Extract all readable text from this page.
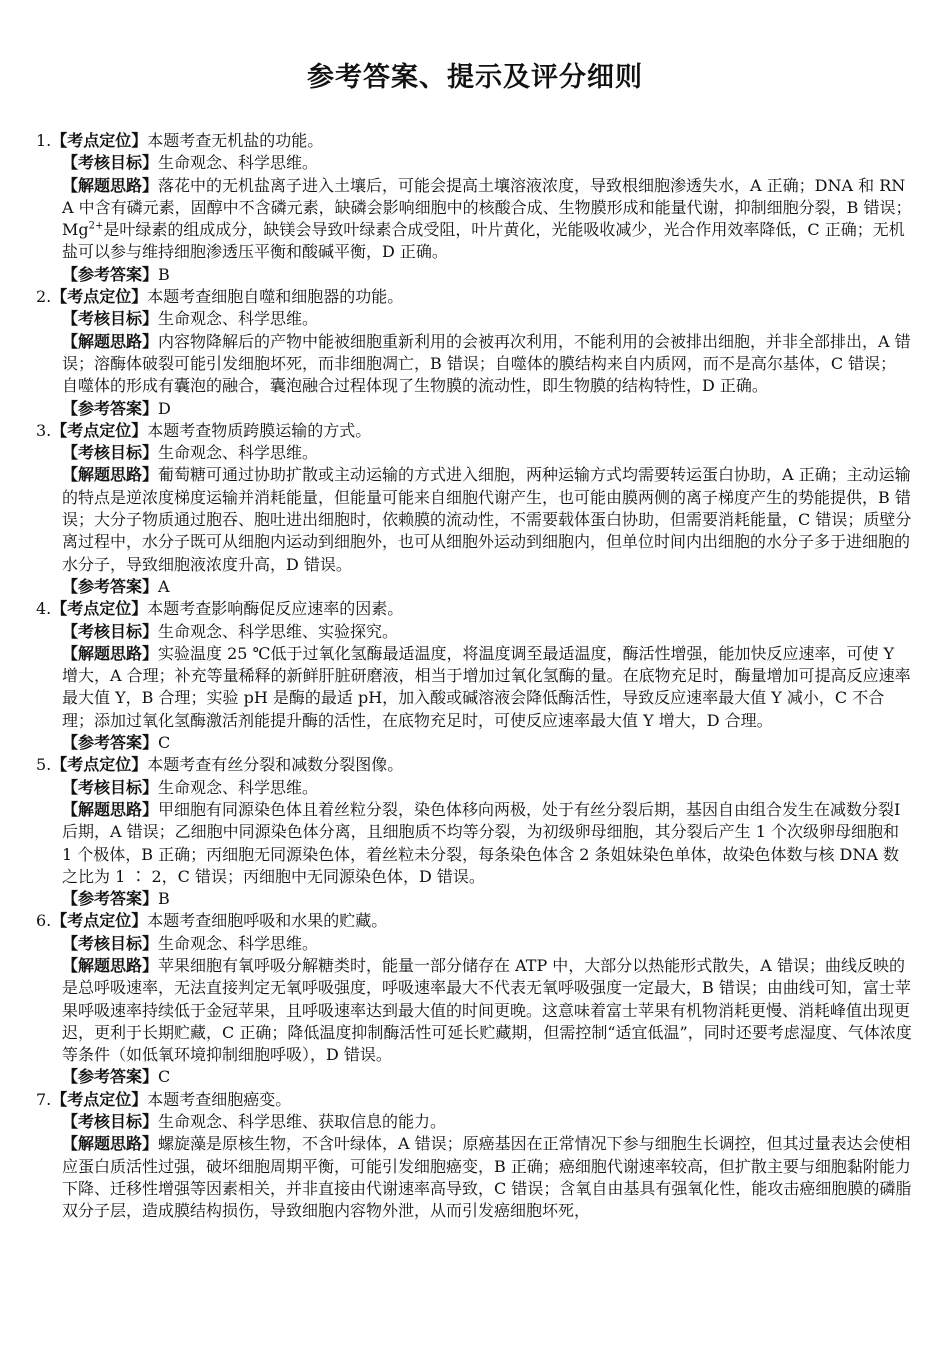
参考答案、提示及评分细则
1.【考点定位】本题考查无机盐的功能。
【考核目标】生命观念、科学思维。
【解题思路】落花中的无机盐离子进入土壤后，可能会提高土壤溶液浓度，导致根细胞渗透失水，A 正确；DNA 和 RNA 中含有磷元素，固醇中不含磷元素，缺磷会影响细胞中的核酸合成、生物膜形成和能量代谢，抑制细胞分裂，B 错误；$Mg^{2+}$是叶绿素的组成成分，缺镁会导致叶绿素合成受阻，叶片黄化，光能吸收减少，光合作用效率降低，C 正确；无机盐可以参与维持细胞渗透压平衡和酸碱平衡，D 正确。
【参考答案】B
2.【考点定位】本题考查细胞自噬和细胞器的功能。
【考核目标】生命观念、科学思维。
【解题思路】内容物降解后的产物中能被细胞重新利用的会被再次利用，不能利用的会被排出细胞，并非全部排出，A 错误；溶酶体破裂可能引发细胞坏死，而非细胞凋亡，B 错误；自噬体的膜结构来自内质网，而不是高尔基体，C 错误；自噬体的形成有囊泡的融合，囊泡融合过程体现了生物膜的流动性，即生物膜的结构特性，D 正确。
【参考答案】D
3.【考点定位】本题考查物质跨膜运输的方式。
【考核目标】生命观念、科学思维。
【解题思路】葡萄糖可通过协助扩散或主动运输的方式进入细胞，两种运输方式均需要转运蛋白协助，A 正确；主动运输的特点是逆浓度梯度运输并消耗能量，但能量可能来自细胞代谢产生，也可能由膜两侧的离子梯度产生的势能提供，B 错误；大分子物质通过胞吞、胞吐进出细胞时，依赖膜的流动性，不需要载体蛋白协助，但需要消耗能量，C 错误；质壁分离过程中，水分子既可从细胞内运动到细胞外，也可从细胞外运动到细胞内，但单位时间内出细胞的水分子多于进细胞的水分子，导致细胞液浓度升高，D 错误。
【参考答案】A
4.【考点定位】本题考查影响酶促反应速率的因素。
【考核目标】生命观念、科学思维、实验探究。
【解题思路】实验温度 25 ℃低于过氧化氢酶最适温度，将温度调至最适温度，酶活性增强，能加快反应速率，可使 Y 增大，A 合理；补充等量稀释的新鲜肝脏研磨液，相当于增加过氧化氢酶的量。在底物充足时，酶量增加可提高反应速率最大值 Y，B 合理；实验 pH 是酶的最适 pH，加入酸或碱溶液会降低酶活性，导致反应速率最大值 Y 减小，C 不合理；添加过氧化氢酶激活剂能提升酶的活性，在底物充足时，可使反应速率最大值 Y 增大，D 合理。
【参考答案】C
5.【考点定位】本题考查有丝分裂和减数分裂图像。
【考核目标】生命观念、科学思维。
【解题思路】甲细胞有同源染色体且着丝粒分裂，染色体移向两极，处于有丝分裂后期，基因自由组合发生在减数分裂Ⅰ后期，A 错误；乙细胞中同源染色体分离，且细胞质不均等分裂，为初级卵母细胞，其分裂后产生 1 个次级卵母细胞和 1 个极体，B 正确；丙细胞无同源染色体，着丝粒未分裂，每条染色体含 2 条姐妹染色单体，故染色体数与核 DNA 数之比为 1 ∶ 2，C 错误；丙细胞中无同源染色体，D 错误。
【参考答案】B
6.【考点定位】本题考查细胞呼吸和水果的贮藏。
【考核目标】生命观念、科学思维。
【解题思路】苹果细胞有氧呼吸分解糖类时，能量一部分储存在 ATP 中，大部分以热能形式散失，A 错误；曲线反映的是总呼吸速率，无法直接判定无氧呼吸强度，呼吸速率最大不代表无氧呼吸强度一定最大，B 错误；由曲线可知，富士苹果呼吸速率持续低于金冠苹果，且呼吸速率达到最大值的时间更晚。这意味着富士苹果有机物消耗更慢、消耗峰值出现更迟，更利于长期贮藏，C 正确；降低温度抑制酶活性可延长贮藏期，但需控制“适宜低温”，同时还要考虑湿度、气体浓度等条件（如低氧环境抑制细胞呼吸），D 错误。
【参考答案】C
7.【考点定位】本题考查细胞癌变。
【考核目标】生命观念、科学思维、获取信息的能力。
【解题思路】螺旋藻是原核生物，不含叶绿体，A 错误；原癌基因在正常情况下参与细胞生长调控，但其过量表达会使相应蛋白质活性过强，破坏细胞周期平衡，可能引发细胞癌变，B 正确；癌细胞代谢速率较高，但扩散主要与细胞黏附能力下降、迁移性增强等因素相关，并非直接由代谢速率高导致，C 错误；含氧自由基具有强氧化性，能攻击癌细胞膜的磷脂双分子层，造成膜结构损伤，导致细胞内容物外泄，从而引发癌细胞坏死，
